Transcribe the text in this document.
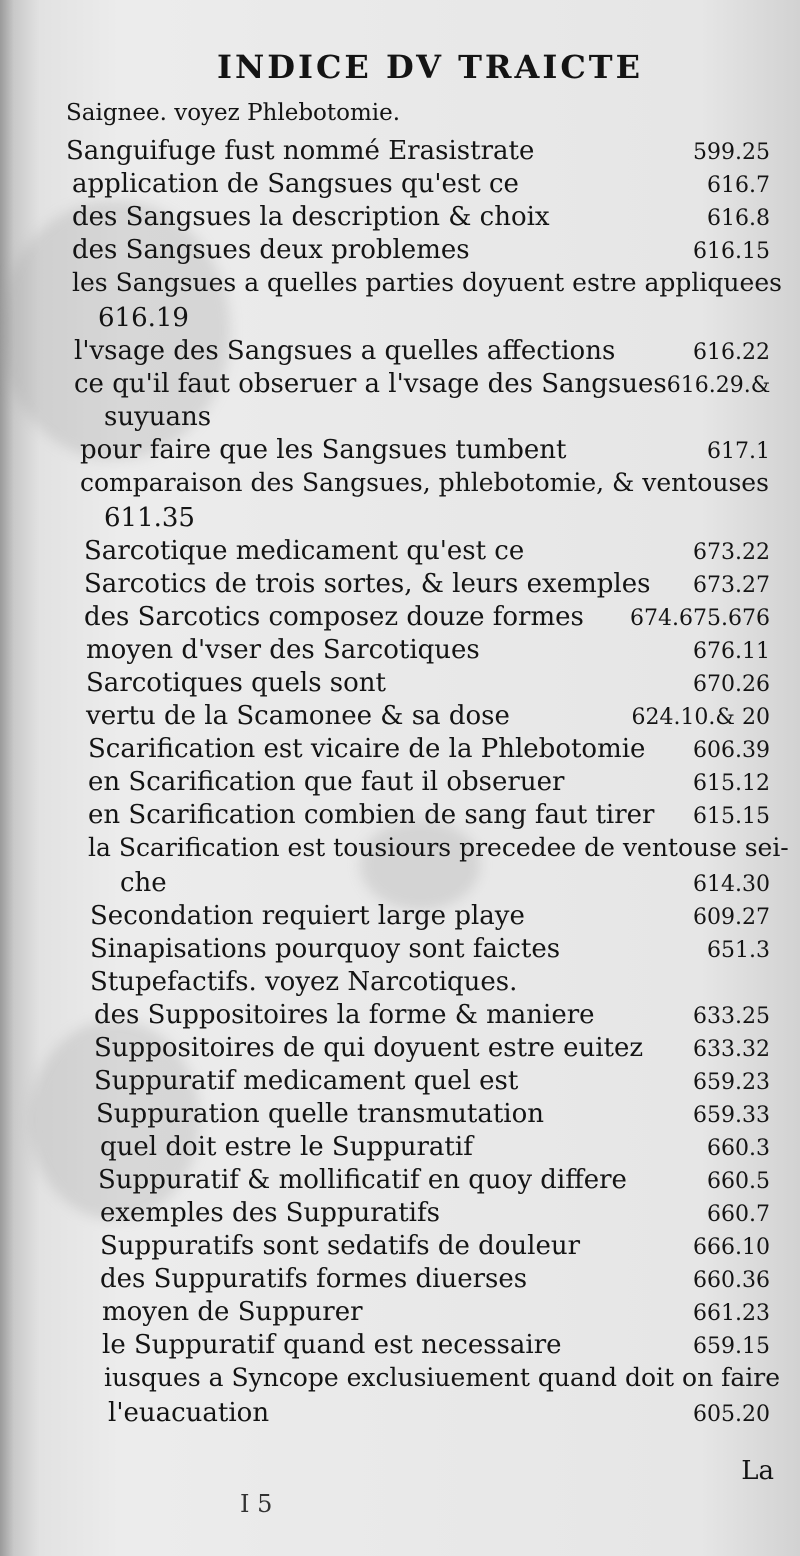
INDICE DV TRAICTE
Saignee. voyez Phlebotomie.
Sanguifuge fust nommé Erasistrate	599.25
application de Sangsues qu'est ce	616.7
des Sangsues la description & choix	616.8
des Sangsues deux problemes	616.15
les Sangsues a quelles parties doyuent estre appliquees
616.19
l'vsage des Sangsues a quelles affections	616.22
ce qu'il faut obseruer a l'vsage des Sangsues 616.29.&
suyuans
pour faire que les Sangsues tumbent	617.1
comparaison des Sangsues, phlebotomie, & ventouses
611.35
Sarcotique medicament qu'est ce	673.22
Sarcotics de trois sortes, & leurs exemples 673.27
des Sarcotics composez douze formes 674.675.676
moyen d'vser des Sarcotiques	676.11
Sarcotiques quels sont	670.26
vertu de la Scamonee & sa dose	624.10.& 20
Scarification est vicaire de la Phlebotomie 606.39
en Scarification que faut il obseruer	615.12
en Scarification combien de sang faut tirer 615.15
la Scarification est tousiours precedee de ventouse sei-
che	614.30
Secondation requiert large playe	609.27
Sinapisations pourquoy sont faictes	651.3
Stupefactifs. voyez Narcotiques.
des Suppositoires la forme & maniere	633.25
Suppositoires de qui doyuent estre euitez 633.32
Suppuratif medicament quel est	659.23
Suppuration quelle transmutation	659.33
quel doit estre le Suppuratif	660.3
Suppuratif & mollificatif en quoy differe	660.5
exemples des Suppuratifs	660.7
Suppuratifs sont sedatifs de douleur	666.10
des Suppuratifs formes diuerses	660.36
moyen de Suppurer	661.23
le Suppuratif quand est necessaire	659.15
iusques a Syncope exclusiuement quand doit on faire
l'euacuation	605.20
La
I 5
